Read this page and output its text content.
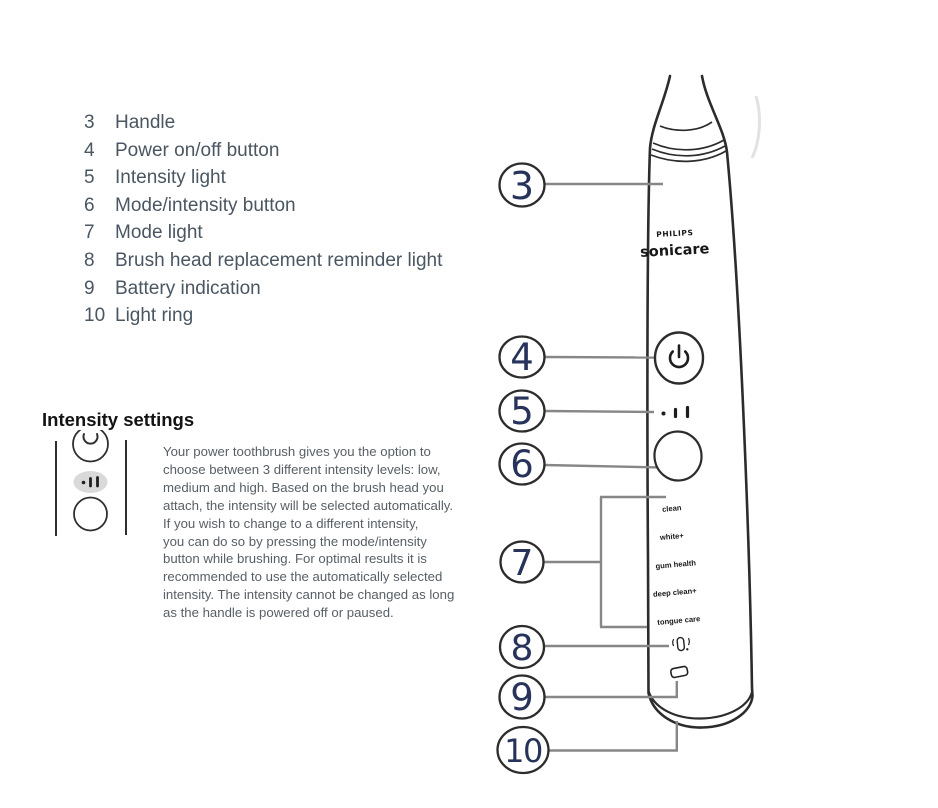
3	Handle
4	Power on/off button
5	Intensity light
6	Mode/intensity button
7	Mode light
8	Brush head replacement reminder light
9	Battery indication
10 Light ring
Intensity settings
Your power toothbrush gives you the option to
choose between 3 different intensity levels: low,
medium and high. Based on the brush head you
attach, the intensity will be selected automatically.
If you wish to change to a different intensity,
you can do so by pressing the mode/intensity
button while brushing. For optimal results it is
recommended to use the automatically selected
intensity. The intensity cannot be changed as long
as the handle is powered off or paused.
PHILIPS
sonicare
clean
white+
gum health
deep clean+
tongue care
3
4
5
6
7
8
9
10
